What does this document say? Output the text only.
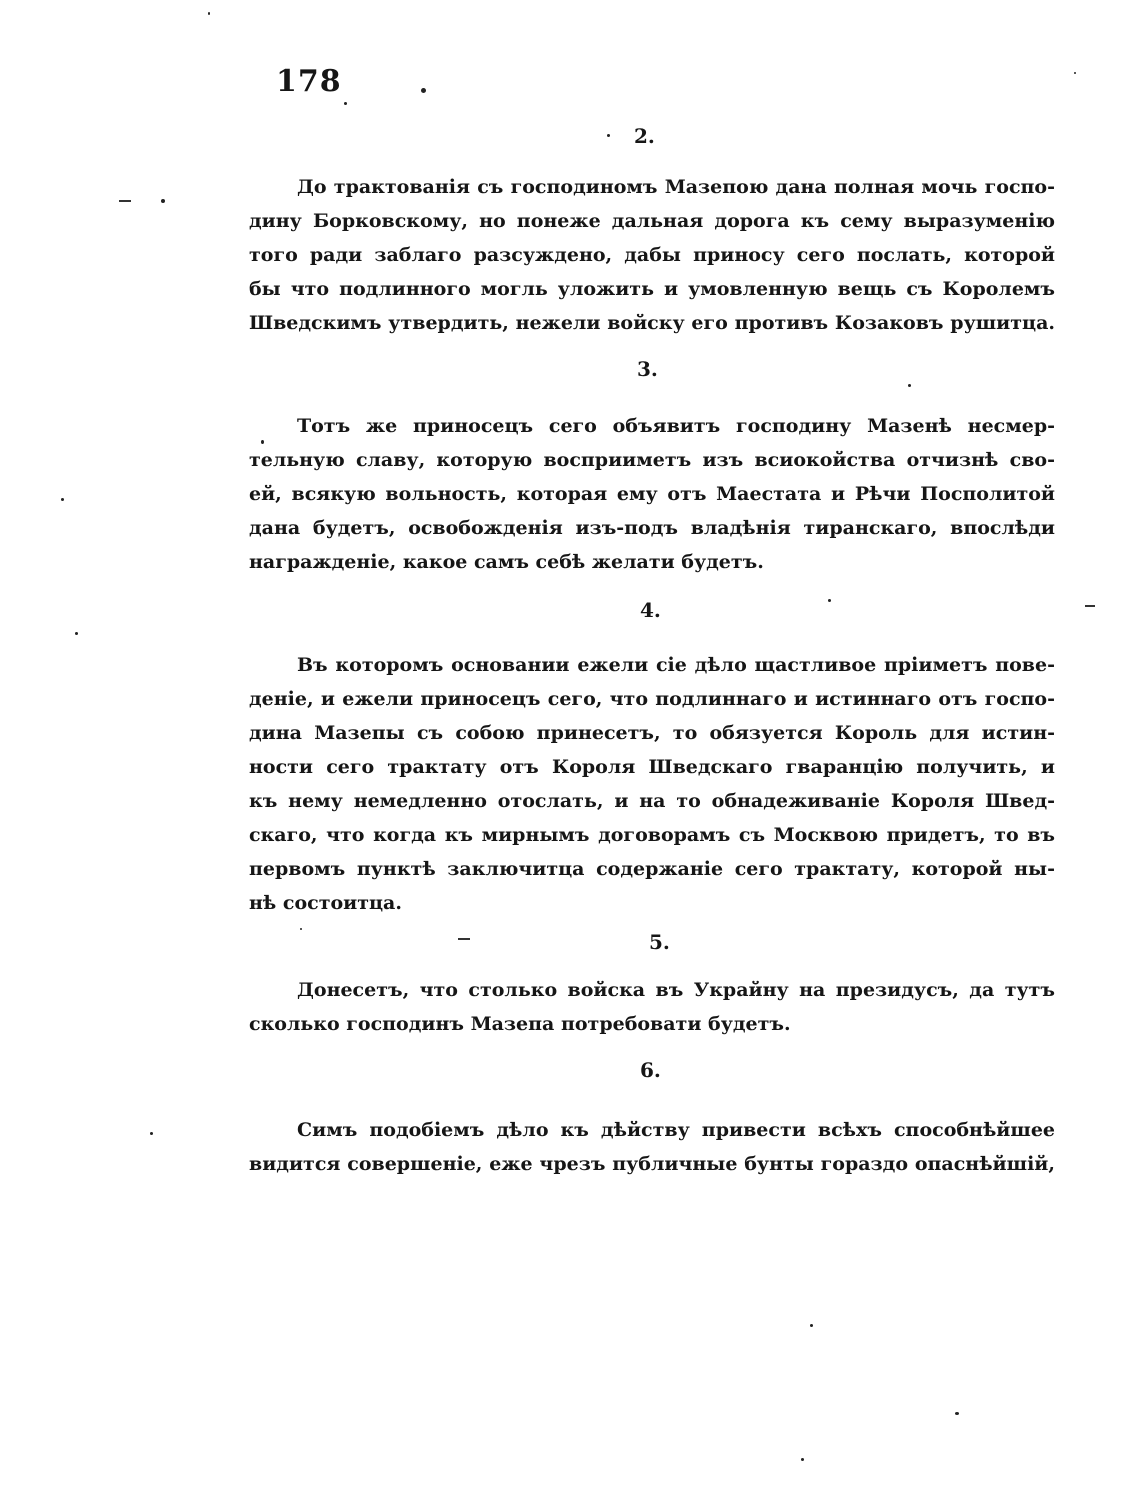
178
2.
До трактованія съ господиномъ Мазепою дана полная мочь госпо-
дину Борковскому, но понеже дальная дорога къ сему выразуменію
того ради заблаго разсуждено, дабы приносу сего послать, которой
бы что подлинного могль уложить и умовленную вещь съ Королемъ
Шведскимъ утвердить, нежели войску его противъ Козаковъ рушитца.
3.
Тотъ же приносецъ сего объявитъ господину Мазенѣ несмер-
тельную славу, которую восприиметъ изъ всиокойства отчизнѣ сво-
ей, всякую вольность, которая ему отъ Маестата и Рѣчи Посполитой
дана будетъ, освобожденія изъ-подъ владѣнія тиранскаго, впослѣди
награжденіе, какое самъ себѣ желати будетъ.
4.
Въ которомъ основании ежели сіе дѣло щастливое пріиметъ пове-
деніе, и ежели приносецъ сего, что подлиннаго и истиннаго отъ госпо-
дина Мазепы съ собою принесетъ, то обязуется Король для истин-
ности сего трактату отъ Короля Шведскаго гваранцію получить, и
къ нему немедленно отослать, и на то обнадеживаніе Короля Швед-
скаго, что когда къ мирнымъ договорамъ съ Москвою придетъ, то въ
первомъ пунктѣ заключитца содержаніе сего трактату, которой ны-
нѣ состоитца.
5.
Донесетъ, что столько войска въ Украйну на президусъ, да тутъ
сколько господинъ Мазепа потребовати будетъ.
6.
Симъ подобіемъ дѣло къ дѣйству привести всѣхъ способнѣйшее
видится совершеніе, еже чрезъ публичные бунты гораздо опаснѣйшій,
